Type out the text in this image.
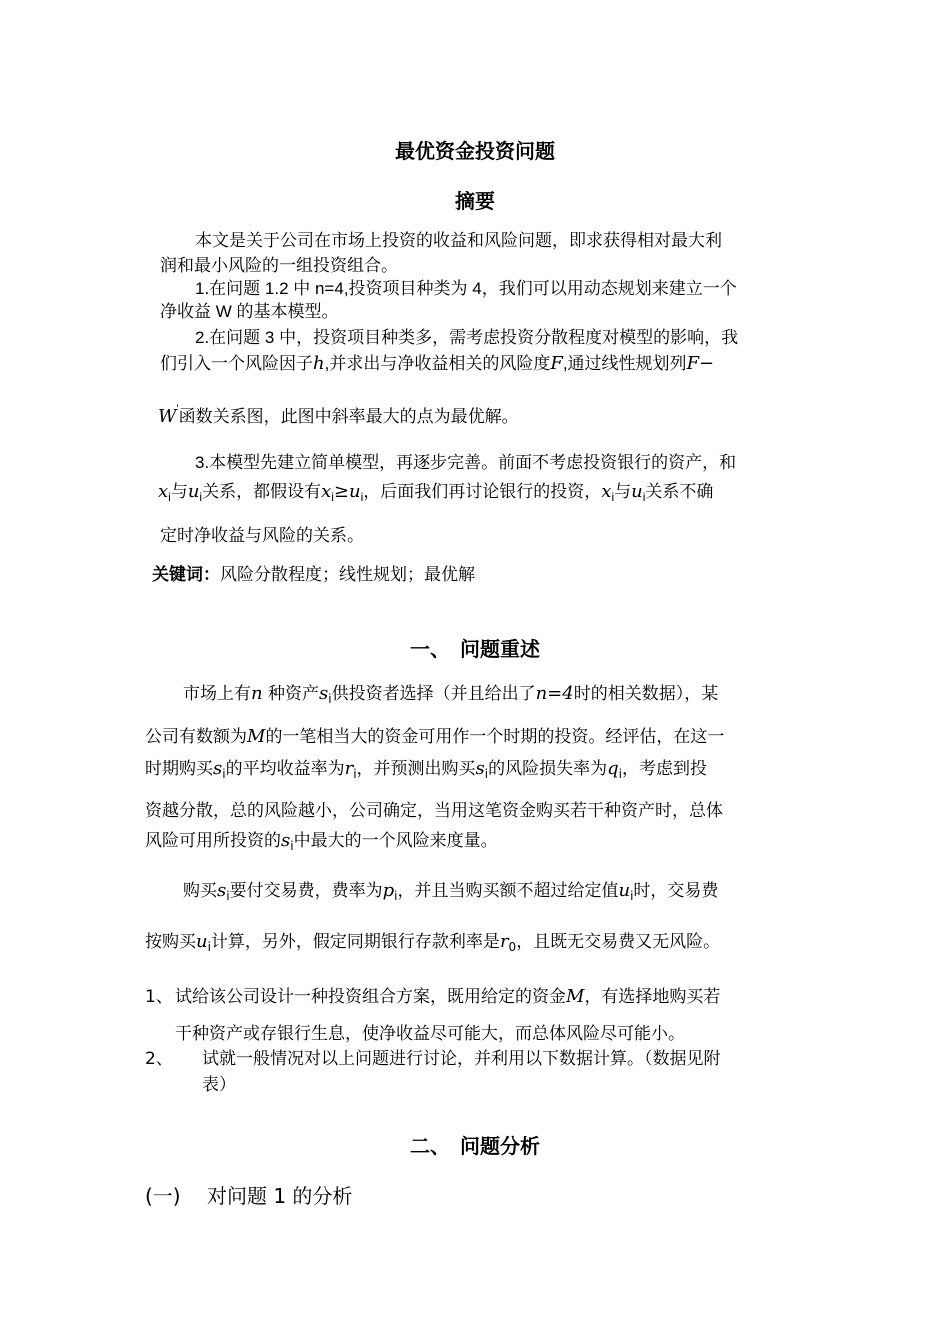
最优资金投资问题
摘要
本文是关于公司在市场上投资的收益和风险问题，即求获得相对最大利
润和最小风险的一组投资组合。
1.在问题 1.2 中 n=4,投资项目种类为 4，我们可以用动态规划来建立一个
净收益 W 的基本模型。
2.在问题 3 中，投资项目种类多，需考虑投资分散程度对模型的影响，我
们引入一个风险因子h,并求出与净收益相关的风险度F,通过线性规划列F−
W'函数关系图，此图中斜率最大的点为最优解。
3.本模型先建立简单模型，再逐步完善。前面不考虑投资银行的资产，和
$x_i$与$u_i$关系，都假设有$x_i\ge u_i$，后面我们再讨论银行的投资，$x_i$与$u_i$关系不确
定时净收益与风险的关系。
关键词：风险分散程度；线性规划；最优解
一、　问题重述
市场上有n 种资产$s_i$供投资者选择（并且给出了n=4时的相关数据），某
公司有数额为M的一笔相当大的资金可用作一个时期的投资。经评估，在这一
时期购买$s_i$的平均收益率为$r_i$，并预测出购买$s_i$的风险损失率为$q_i$，考虑到投
资越分散，总的风险越小，公司确定，当用这笔资金购买若干种资产时，总体
风险可用所投资的$s_i$中最大的一个风险来度量。
购买$s_i$要付交易费，费率为$p_i$，并且当购买额不超过给定值$u_i$时，交易费
按购买$u_i$计算，另外，假定同期银行存款利率是$r_0$，且既无交易费又无风险。
1、 试给该公司设计一种投资组合方案，既用给定的资金M，有选择地购买若
干种资产或存银行生息，使净收益尽可能大，而总体风险尽可能小。
2、 试就一般情况对以上问题进行讨论，并利用以下数据计算。（数据见附
表）
二、　问题分析
(一)　 对问题 1 的分析
